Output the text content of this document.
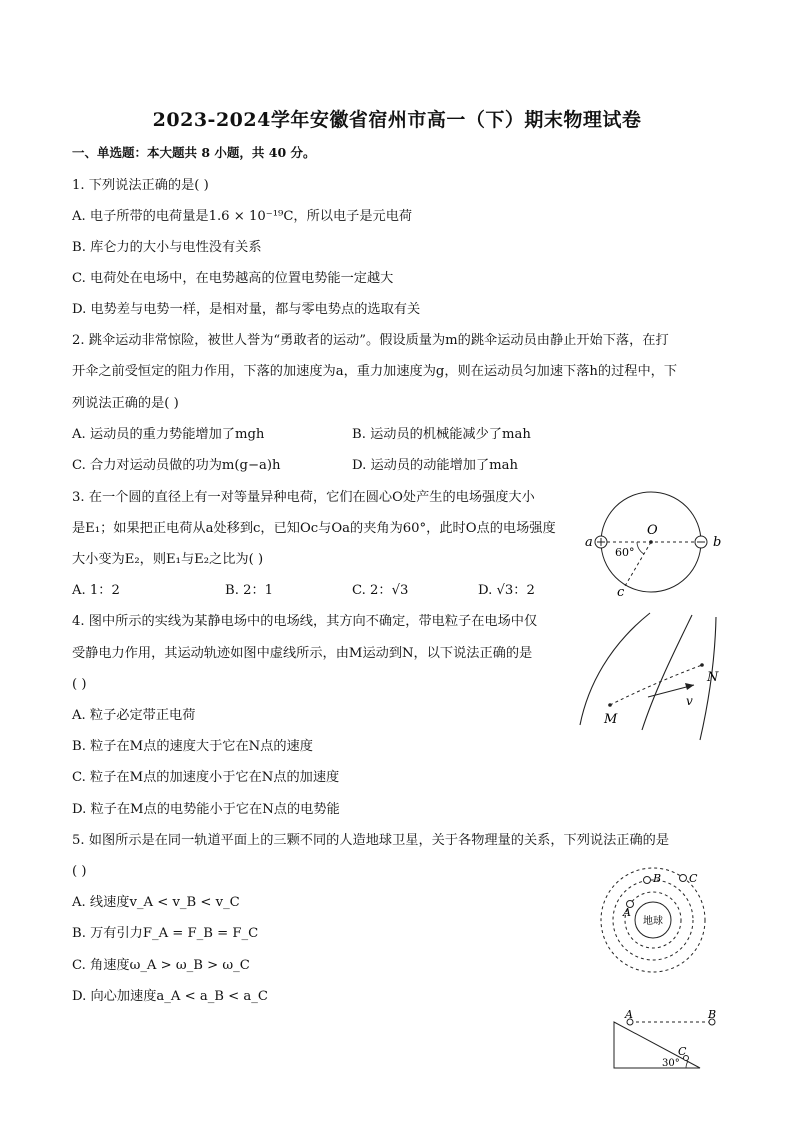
2023-2024学年安徽省宿州市高一（下）期末物理试卷
一、单选题：本大题共 8 小题，共 40 分。
1. 下列说法正确的是( )
A. 电子所带的电荷量是1.6 × 10⁻¹⁹C，所以电子是元电荷
B. 库仑力的大小与电性没有关系
C. 电荷处在电场中，在电势越高的位置电势能一定越大
D. 电势差与电势一样，是相对量，都与零电势点的选取有关
2. 跳伞运动非常惊险，被世人誉为“勇敢者的运动”。假设质量为m的跳伞运动员由静止开始下落，在打
开伞之前受恒定的阻力作用，下落的加速度为a，重力加速度为g，则在运动员匀加速下落h的过程中，下
列说法正确的是( )
A. 运动员的重力势能增加了mgh	B. 运动员的机械能减少了mah
C. 合力对运动员做的功为m(g−a)h	D. 运动员的动能增加了mah
3. 在一个圆的直径上有一对等量异种电荷，它们在圆心O处产生的电场强度大小
是E₁；如果把正电荷从a处移到c，已知Oc与Oa的夹角为60°，此时O点的电场强度
大小变为E₂，则E₁与E₂之比为( )
A. 1：2	B. 2：1	C. 2：√3	D. √3：2
a	b
O
c
60°
4. 图中所示的实线为某静电场中的电场线，其方向不确定，带电粒子在电场中仅
受静电力作用，其运动轨迹如图中虚线所示，由M运动到N，以下说法正确的是
( )
A. 粒子必定带正电荷
B. 粒子在M点的速度大于它在N点的速度
C. 粒子在M点的加速度小于它在N点的加速度
D. 粒子在M点的电势能小于它在N点的电势能
M
N
v
5. 如图所示是在同一轨道平面上的三颗不同的人造地球卫星，关于各物理量的关系，下列说法正确的是
( )
A. 线速度v_A < v_B < v_C
B. 万有引力F_A = F_B = F_C
C. 角速度ω_A > ω_B > ω_C
D. 向心加速度a_A < a_B < a_C
地球
A
B	C
A	B
C
30°
